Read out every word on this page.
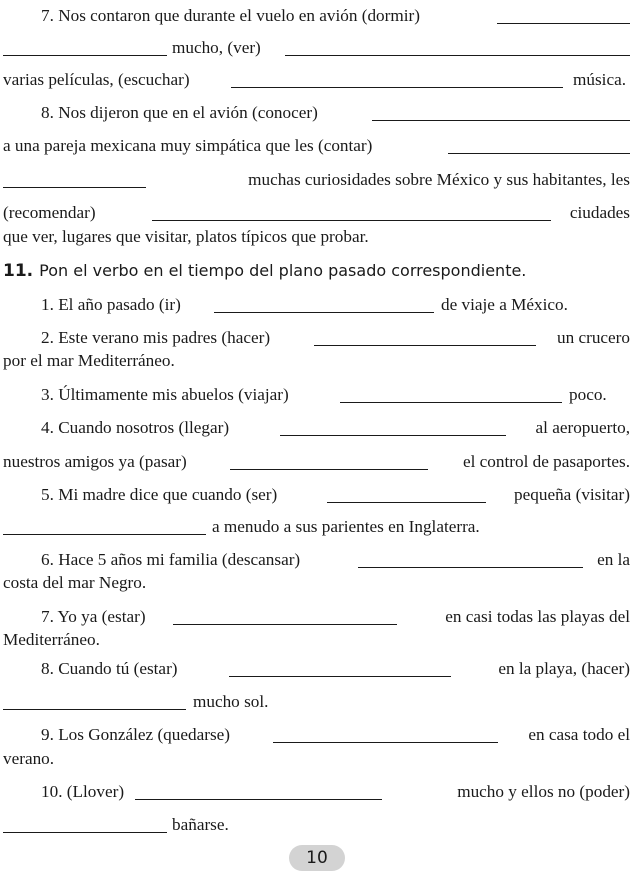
7. Nos contaron que durante el vuelo en avión (dormir)
mucho, (ver)
varias películas, (escuchar)	música.
8. Nos dijeron que en el avión (conocer)
a una pareja mexicana muy simpática que les (contar)
muchas curiosidades sobre México y sus habitantes, les
(recomendar)	ciudades
que ver, lugares que visitar, platos típicos que probar.
11. Pon el verbo en el tiempo del plano pasado correspondiente.
1. El año pasado (ir)	de viaje a México.
2. Este verano mis padres (hacer)	un crucero
por el mar Mediterráneo.
3. Últimamente mis abuelos (viajar)	poco.
4. Cuando nosotros (llegar)	al aeropuerto,
nuestros amigos ya (pasar)	el control de pasaportes.
5. Mi madre dice que cuando (ser)	pequeña (visitar)
a menudo a sus parientes en Inglaterra.
6. Hace 5 años mi familia (descansar)	en la
costa del mar Negro.
7. Yo ya (estar)	en casi todas las playas del
Mediterráneo.
8. Cuando tú (estar)	en la playa, (hacer)
mucho sol.
9. Los González (quedarse)	en casa todo el
verano.
10. (Llover)	mucho y ellos no (poder)
bañarse.
10
